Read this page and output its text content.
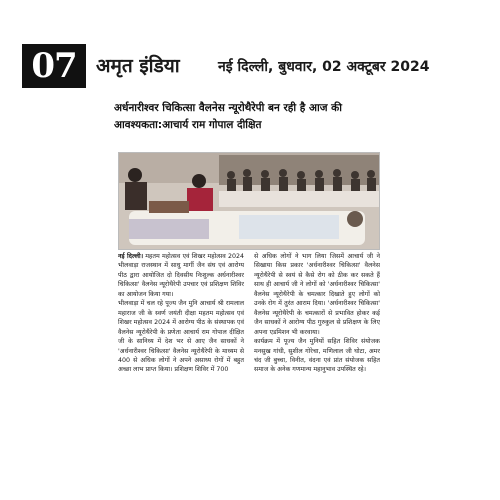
07	अमृत इंडिया	नई दिल्ली, बुधवार, 02 अक्टूबर 2024
अर्धनारीश्वर चिकित्सा वैलनेस न्यूरोथैरेपी बन रही है आज की आवश्यकता:आचार्य राम गोपाल दीक्षित

नई दिल्ली। महतम महोत्सव एवं शिखर महोत्सव 2024 भीलवाड़ा राजस्थान में साधु मार्गी जैन संघ एवं आरोग्य पीठ द्वारा आयोजित दो दिवसीय निःशुल्क अर्धनारीश्वर चिकित्सा' वैलनेस न्यूरोथैरेपी उपचार एवं प्रशिक्षण शिविर का आयोजन किया गया।

भीलवाड़ा में चल रहे पूज्य जैन मुनि आचार्य श्री रामलाल महाराज जी के स्वर्ण जयंती दीक्षा महतम महोत्सव एवं शिखर महोत्सव 2024 में आरोग्य पीठ के संस्थापक एवं वैलनेस न्यूरोथैरेपी के प्रणेता आचार्य राम गोपाल दीक्षित जी के सानिध्य में देश भर से आए जैन साधकों ने 'अर्धनारीश्वर चिकित्सा' वैलनेस न्यूरोथैरेपी के माध्यम से 400 से अधिक लोगों ने अपने असाध्य रोगों में बहुत अच्छा लाभ प्राप्त किया। प्रशिक्षण शिविर में 700

से अधिक लोगों ने भाग लिया जिसमें आचार्य जी ने सिखाया किस प्रकार 'अर्धनारीश्वर चिकित्सा' वैलनेस न्यूरोथैरेपी से स्वयं से कैसे रोग को ठीक कर सकते हैं साथ ही आचार्य जी ने लोगों को 'अर्धनारीश्वर चिकित्सा' वैलनेस न्यूरोथैरेपी के चमत्कार दिखाते हुए लोगों को उनके रोग में तुरंत आराम दिया। 'अर्धनारीश्वर चिकित्सा' वैलनेस न्यूरोथैरेपी के चमत्कारों से प्रभावित होकर कई जैन साधकों ने आरोग्य पीठ गुरुकुल से प्रशिक्षण के लिए अपना एडमिशन भी करवाया।

कार्यक्रम में पूज्य जैन मुनियों सहित शिविर संयोजक मनसुख गांधी, सुशील गोरेचा, मणिलाल जी घोटा, अमर चंद जी बुच्चा, विनीत, वंदना एवं प्रांत संयोजक सहित समाज के अनेक गणमान्य महानुभाव उपस्थित रहे।
